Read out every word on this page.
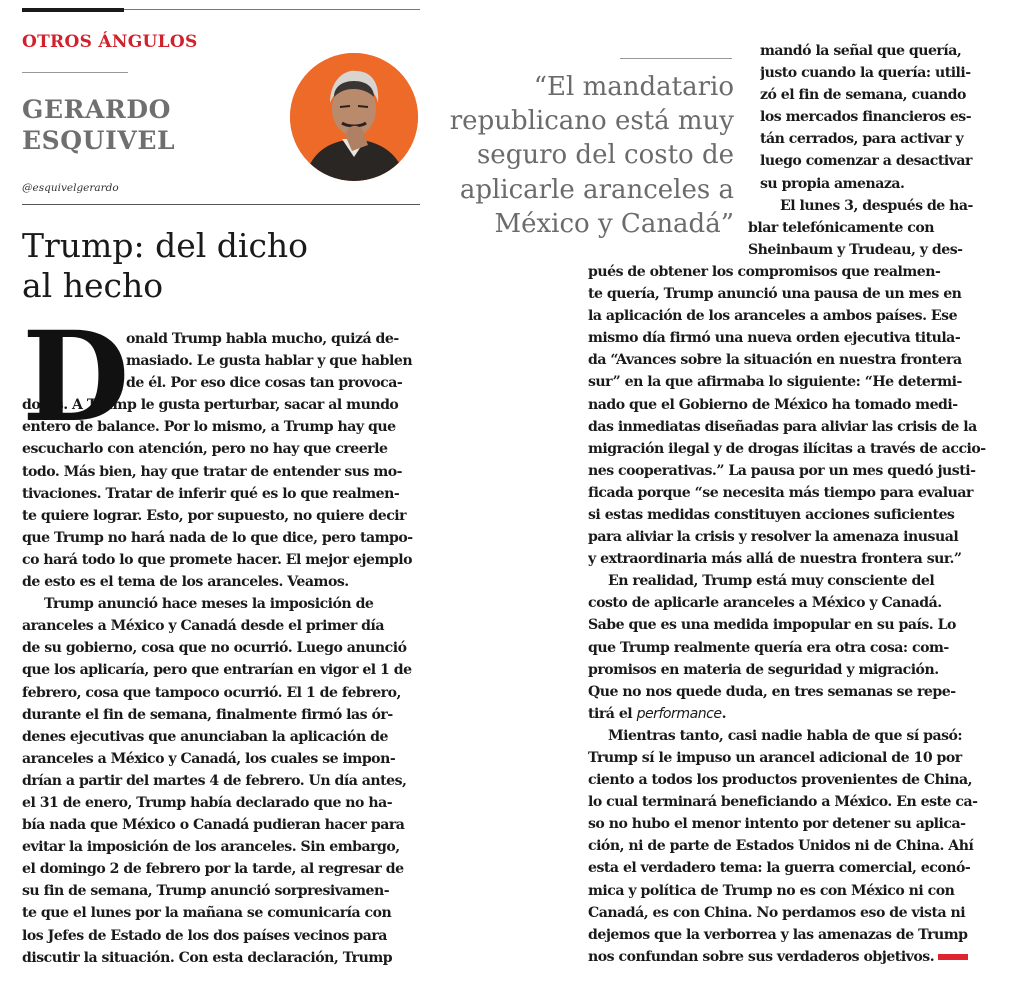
OTROS ÁNGULOS
GERARDO
ESQUIVEL
@esquivelgerardo
Trump: del dicho
al hecho
“El mandatario
republicano está muy
seguro del costo de
aplicarle aranceles a
México y Canadá”
D
onald Trump habla mucho, quizá de-
masiado. Le gusta hablar y que hablen
de él. Por eso dice cosas tan provoca-
doras. A Trump le gusta perturbar, sacar al mundo
entero de balance. Por lo mismo, a Trump hay que
escucharlo con atención, pero no hay que creerle
todo. Más bien, hay que tratar de entender sus mo-
tivaciones. Tratar de inferir qué es lo que realmen-
te quiere lograr. Esto, por supuesto, no quiere decir
que Trump no hará nada de lo que dice, pero tampo-
co hará todo lo que promete hacer. El mejor ejemplo
de esto es el tema de los aranceles. Veamos.
Trump anunció hace meses la imposición de
aranceles a México y Canadá desde el primer día
de su gobierno, cosa que no ocurrió. Luego anunció
que los aplicaría, pero que entrarían en vigor el 1 de
febrero, cosa que tampoco ocurrió. El 1 de febrero,
durante el fin de semana, finalmente firmó las ór-
denes ejecutivas que anunciaban la aplicación de
aranceles a México y Canadá, los cuales se impon-
drían a partir del martes 4 de febrero. Un día antes,
el 31 de enero, Trump había declarado que no ha-
bía nada que México o Canadá pudieran hacer para
evitar la imposición de los aranceles. Sin embargo,
el domingo 2 de febrero por la tarde, al regresar de
su fin de semana, Trump anunció sorpresivamen-
te que el lunes por la mañana se comunicaría con
los Jefes de Estado de los dos países vecinos para
discutir la situación. Con esta declaración, Trump
mandó la señal que quería,
justo cuando la quería: utili-
zó el fin de semana, cuando
los mercados financieros es-
tán cerrados, para activar y
luego comenzar a desactivar
su propia amenaza.
El lunes 3, después de ha-
blar telefónicamente con
Sheinbaum y Trudeau, y des-
pués de obtener los compromisos que realmen-
te quería, Trump anunció una pausa de un mes en
la aplicación de los aranceles a ambos países. Ese
mismo día firmó una nueva orden ejecutiva titula-
da “Avances sobre la situación en nuestra frontera
sur” en la que afirmaba lo siguiente: “He determi-
nado que el Gobierno de México ha tomado medi-
das inmediatas diseñadas para aliviar las crisis de la
migración ilegal y de drogas ilícitas a través de accio-
nes cooperativas.” La pausa por un mes quedó justi-
ficada porque “se necesita más tiempo para evaluar
si estas medidas constituyen acciones suficientes
para aliviar la crisis y resolver la amenaza inusual
y extraordinaria más allá de nuestra frontera sur.”
En realidad, Trump está muy consciente del
costo de aplicarle aranceles a México y Canadá.
Sabe que es una medida impopular en su país. Lo
que Trump realmente quería era otra cosa: com-
promisos en materia de seguridad y migración.
Que no nos quede duda, en tres semanas se repe-
tirá el performance.
Mientras tanto, casi nadie habla de que sí pasó:
Trump sí le impuso un arancel adicional de 10 por
ciento a todos los productos provenientes de China,
lo cual terminará beneficiando a México. En este ca-
so no hubo el menor intento por detener su aplica-
ción, ni de parte de Estados Unidos ni de China. Ahí
esta el verdadero tema: la guerra comercial, econó-
mica y política de Trump no es con México ni con
Canadá, es con China. No perdamos eso de vista ni
dejemos que la verborrea y las amenazas de Trump
nos confundan sobre sus verdaderos objetivos.
